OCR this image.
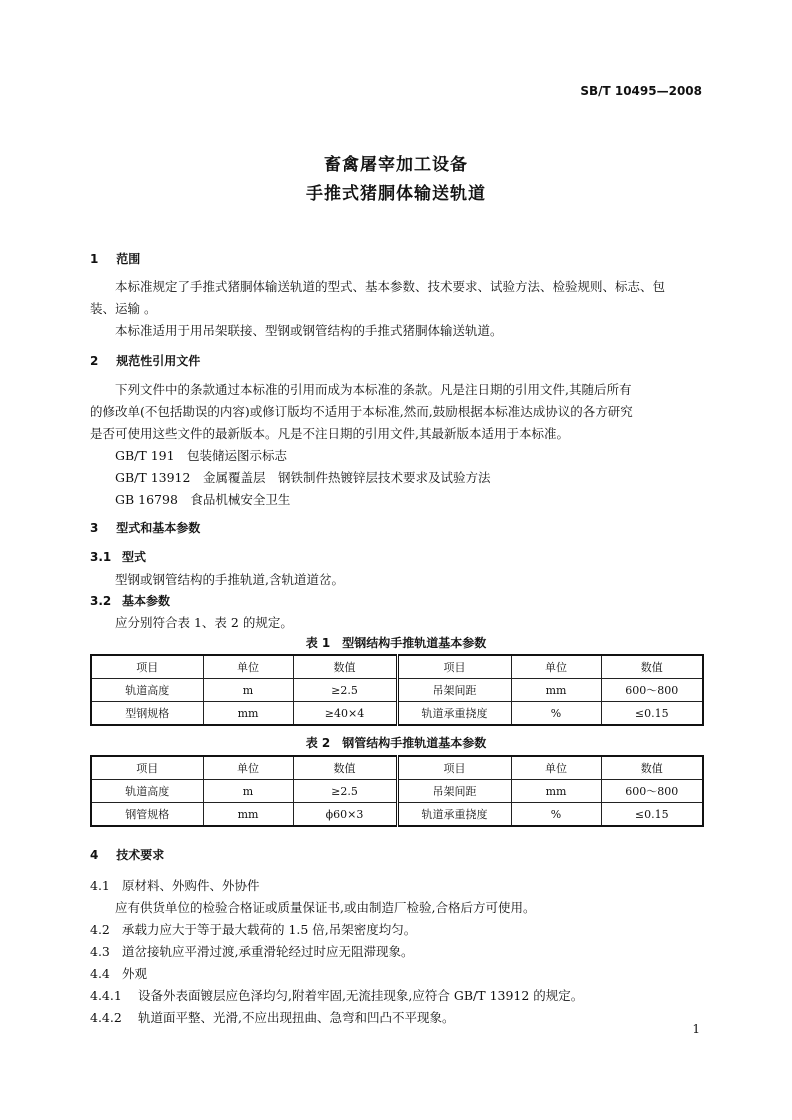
SB/T 10495—2008
畜禽屠宰加工设备
手推式猪胴体输送轨道
1 范围
本标准规定了手推式猪胴体输送轨道的型式、基本参数、技术要求、试验方法、检验规则、标志、包
装、运输 。
本标准适用于用吊架联接、型钢或钢管结构的手推式猪胴体输送轨道。
2 规范性引用文件
下列文件中的条款通过本标准的引用而成为本标准的条款。凡是注日期的引用文件,其随后所有
的修改单(不包括勘误的内容)或修订版均不适用于本标准,然而,鼓励根据本标准达成协议的各方研究
是否可使用这些文件的最新版本。凡是不注日期的引用文件,其最新版本适用于本标准。
GB/T 191　包装储运图示标志
GB/T 13912　金属覆盖层　钢铁制件热镀锌层技术要求及试验方法
GB 16798　食品机械安全卫生
3 型式和基本参数
3.1 型式
型钢或钢管结构的手推轨道,含轨道道岔。
3.2 基本参数
应分别符合表 1、表 2 的规定。
表 1　型钢结构手推轨道基本参数
项目	单位	数值	项目	单位	数值
轨道高度	m	≥2.5	吊架间距	mm	600～800
型钢规格	mm	≥40×4	轨道承重挠度	%	≤0.15
表 2　钢管结构手推轨道基本参数
项目	单位	数值	项目	单位	数值
轨道高度	m	≥2.5	吊架间距	mm	600～800
钢管规格	mm	ϕ60×3	轨道承重挠度	%	≤0.15
4 技术要求
4.1 原材料、外购件、外协件
应有供货单位的检验合格证或质量保证书,或由制造厂检验,合格后方可使用。
4.2 承载力应大于等于最大载荷的 1.5 倍,吊架密度均匀。
4.3 道岔接轨应平滑过渡,承重滑轮经过时应无阻滞现象。
4.4 外观
4.4.1 设备外表面镀层应色泽均匀,附着牢固,无流挂现象,应符合 GB/T 13912 的规定。
4.4.2 轨道面平整、光滑,不应出现扭曲、急弯和凹凸不平现象。
1
